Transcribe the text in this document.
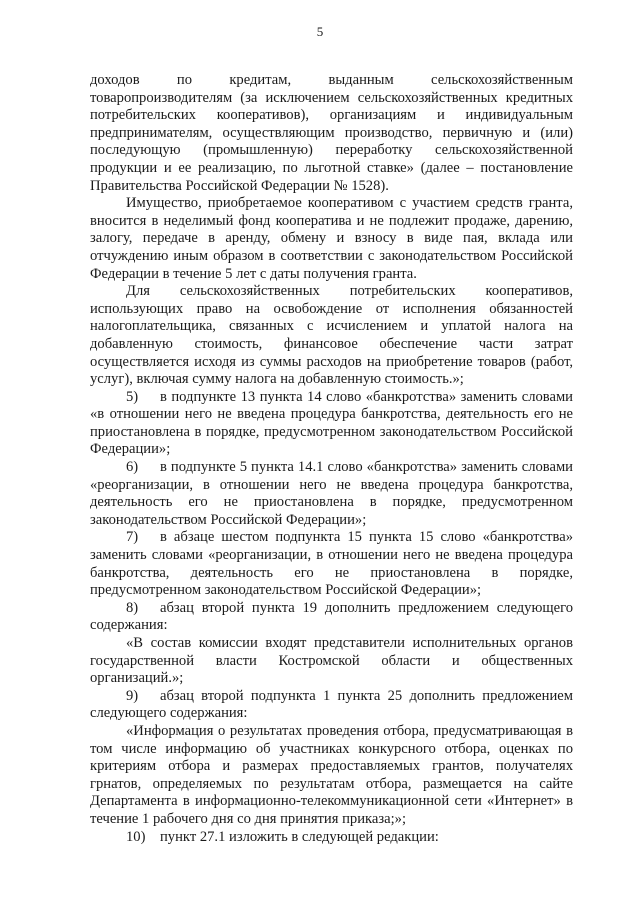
5

доходов по кредитам, выданным сельскохозяйственным товаропроизводителям (за исключением сельскохозяйственных кредитных потребительских кооперативов), организациям и индивидуальным предпринимателям, осуществляющим производство, первичную и (или) последующую (промышленную) переработку сельскохозяйственной продукции и ее реализацию, по льготной ставке» (далее – постановление Правительства Российской Федерации № 1528).

Имущество, приобретаемое кооперативом с участием средств гранта, вносится в неделимый фонд кооператива и не подлежит продаже, дарению, залогу, передаче в аренду, обмену и взносу в виде пая, вклада или отчуждению иным образом в соответствии с законодательством Российской Федерации в течение 5 лет с даты получения гранта.

Для сельскохозяйственных потребительских кооперативов, использующих право на освобождение от исполнения обязанностей налогоплательщика, связанных с исчислением и уплатой налога на добавленную стоимость, финансовое обеспечение части затрат осуществляется исходя из суммы расходов на приобретение товаров (работ, услуг), включая сумму налога на добавленную стоимость.»;

5) в подпункте 13 пункта 14 слово «банкротства» заменить словами «в отношении него не введена процедура банкротства, деятельность его не приостановлена в порядке, предусмотренном законодательством Российской Федерации»;

6) в подпункте 5 пункта 14.1 слово «банкротства» заменить словами «реорганизации, в отношении него не введена процедура банкротства, деятельность его не приостановлена в порядке, предусмотренном законодательством Российской Федерации»;

7) в абзаце шестом подпункта 15 пункта 15 слово «банкротства» заменить словами «реорганизации, в отношении него не введена процедура банкротства, деятельность его не приостановлена в порядке, предусмотренном законодательством Российской Федерации»;

8) абзац второй пункта 19 дополнить предложением следующего содержания:

«В состав комиссии входят представители исполнительных органов государственной власти Костромской области и общественных организаций.»;

9) абзац второй подпункта 1 пункта 25 дополнить предложением следующего содержания:

«Информация о результатах проведения отбора, предусматривающая в том числе информацию об участниках конкурсного отбора, оценках по критериям отбора и размерах предоставляемых грантов, получателях грнатов, определяемых по результатам отбора, размещается на сайте Департамента в информационно-телекоммуникационной сети «Интернет» в течение 1 рабочего дня со дня принятия приказа;»;

10) пункт 27.1 изложить в следующей редакции:
